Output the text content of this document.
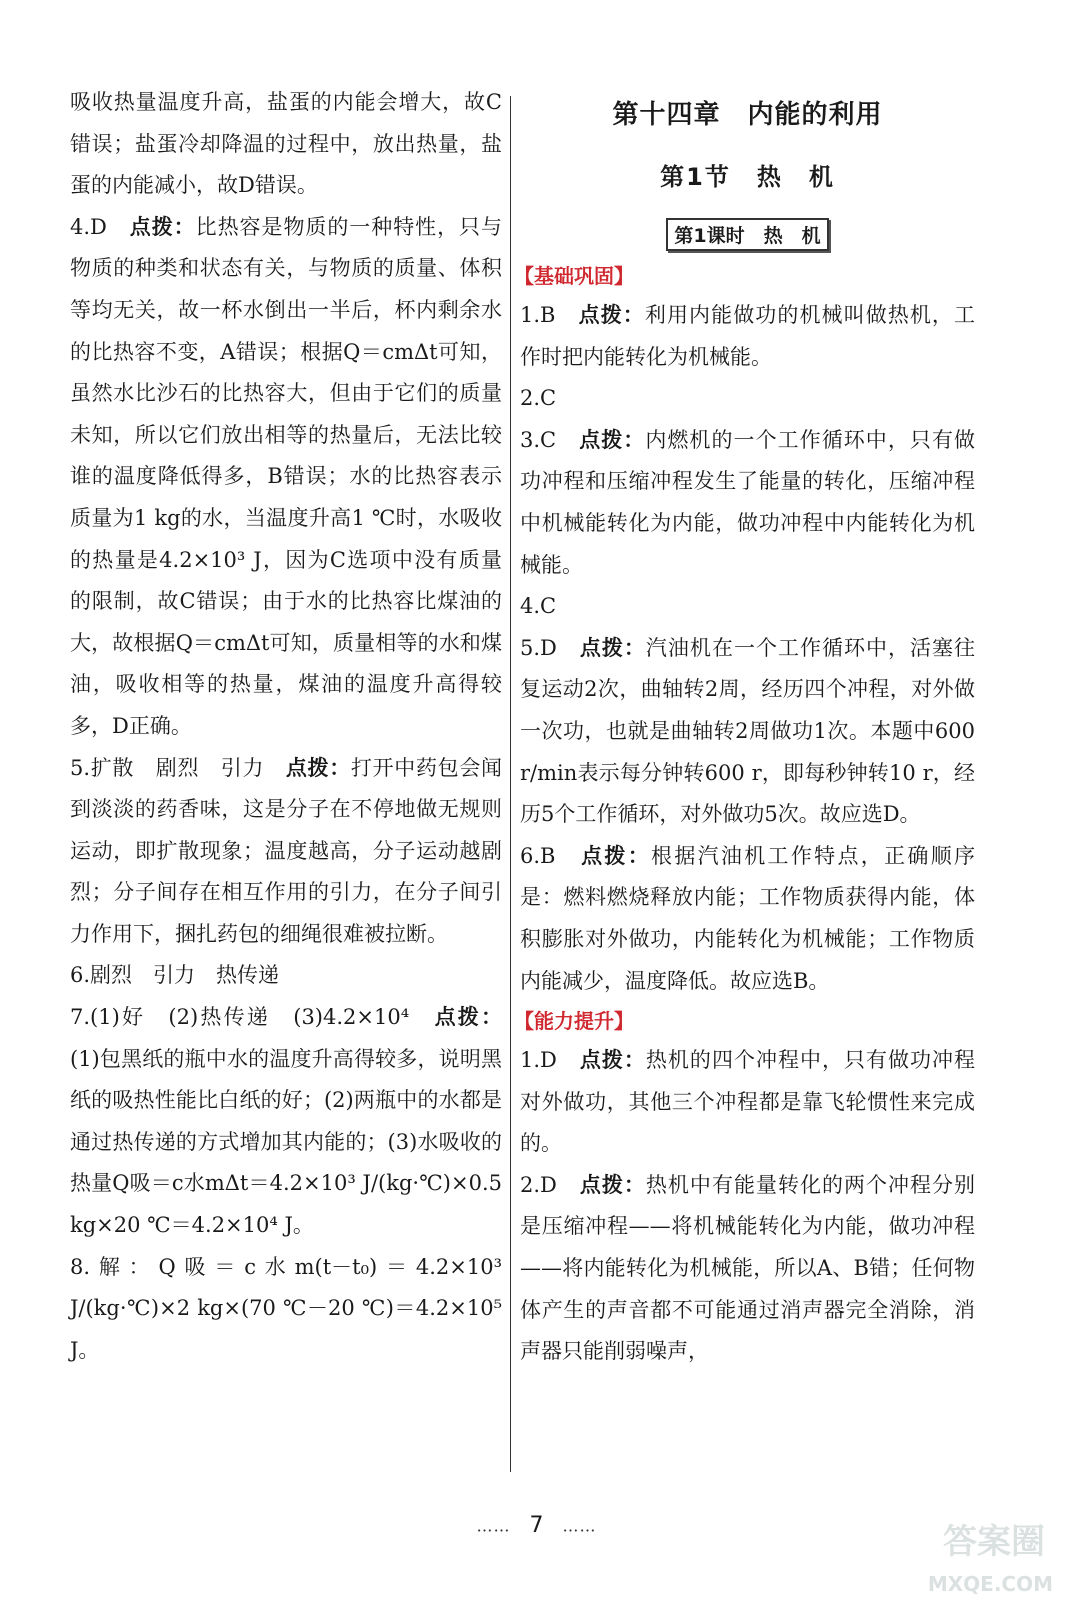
吸收热量温度升高，盐蛋的内能会增大，故C错误；盐蛋冷却降温的过程中，放出热量，盐蛋的内能减小，故D错误。

4.D　 点拨：比热容是物质的一种特性，只与物质的种类和状态有关，与物质的质量、体积等均无关，故一杯水倒出一半后，杯内剩余水的比热容不变，A错误；根据Q＝cmΔt可知，虽然水比沙石的比热容大，但由于它们的质量未知，所以它们放出相等的热量后，无法比较谁的温度降低得多，B错误；水的比热容表示质量为1 kg的水，当温度升高1 ℃时，水吸收的热量是4.2×10³ J，因为C选项中没有质量的限制，故C错误；由于水的比热容比煤油的大，故根据Q＝cmΔt可知，质量相等的水和煤油，吸收相等的热量，煤油的温度升高得较多，D正确。

5.扩散　剧烈　引力　 点拨：打开中药包会闻到淡淡的药香味，这是分子在不停地做无规则运动，即扩散现象；温度越高，分子运动越剧烈；分子间存在相互作用的引力，在分子间引力作用下，捆扎药包的细绳很难被拉断。

6.剧烈　引力　热传递

7.(1)好　(2)热传递　(3)4.2×10⁴　 点拨：(1)包黑纸的瓶中水的温度升高得较多，说明黑纸的吸热性能比白纸的好；(2)两瓶中的水都是通过热传递的方式增加其内能的；(3)水吸收的热量Q吸＝c水mΔt＝4.2×10³ J/(kg·℃)×0.5 kg×20 ℃＝4.2×10⁴ J。

8.解：Q吸＝c水m(t－t₀)＝4.2×10³ J/(kg·℃)×2 kg×(70 ℃－20 ℃)＝4.2×10⁵ J。

第十四章　内能的利用
第1节　热　机
第1课时　热　机
【基础巩固】

1.B　 点拨：利用内能做功的机械叫做热机，工作时把内能转化为机械能。

2.C

3.C　 点拨：内燃机的一个工作循环中，只有做功冲程和压缩冲程发生了能量的转化，压缩冲程中机械能转化为内能，做功冲程中内能转化为机械能。

4.C

5.D　 点拨：汽油机在一个工作循环中，活塞往复运动2次，曲轴转2周，经历四个冲程，对外做一次功，也就是曲轴转2周做功1次。本题中600 r/min表示每分钟转600 r，即每秒钟转10 r，经历5个工作循环，对外做功5次。故应选D。

6.B　 点拨：根据汽油机工作特点，正确顺序是：燃料燃烧释放内能；工作物质获得内能，体积膨胀对外做功，内能转化为机械能；工作物质内能减少，温度降低。故应选B。

【能力提升】

1.D　 点拨：热机的四个冲程中，只有做功冲程对外做功，其他三个冲程都是靠飞轮惯性来完成的。

2.D　 点拨：热机中有能量转化的两个冲程分别是压缩冲程——将机械能转化为内能，做功冲程——将内能转化为机械能，所以A、B错；任何物体产生的声音都不可能通过消声器完全消除，消声器只能削弱噪声，

…… 7 ……	答案圈
MXQE.COM
